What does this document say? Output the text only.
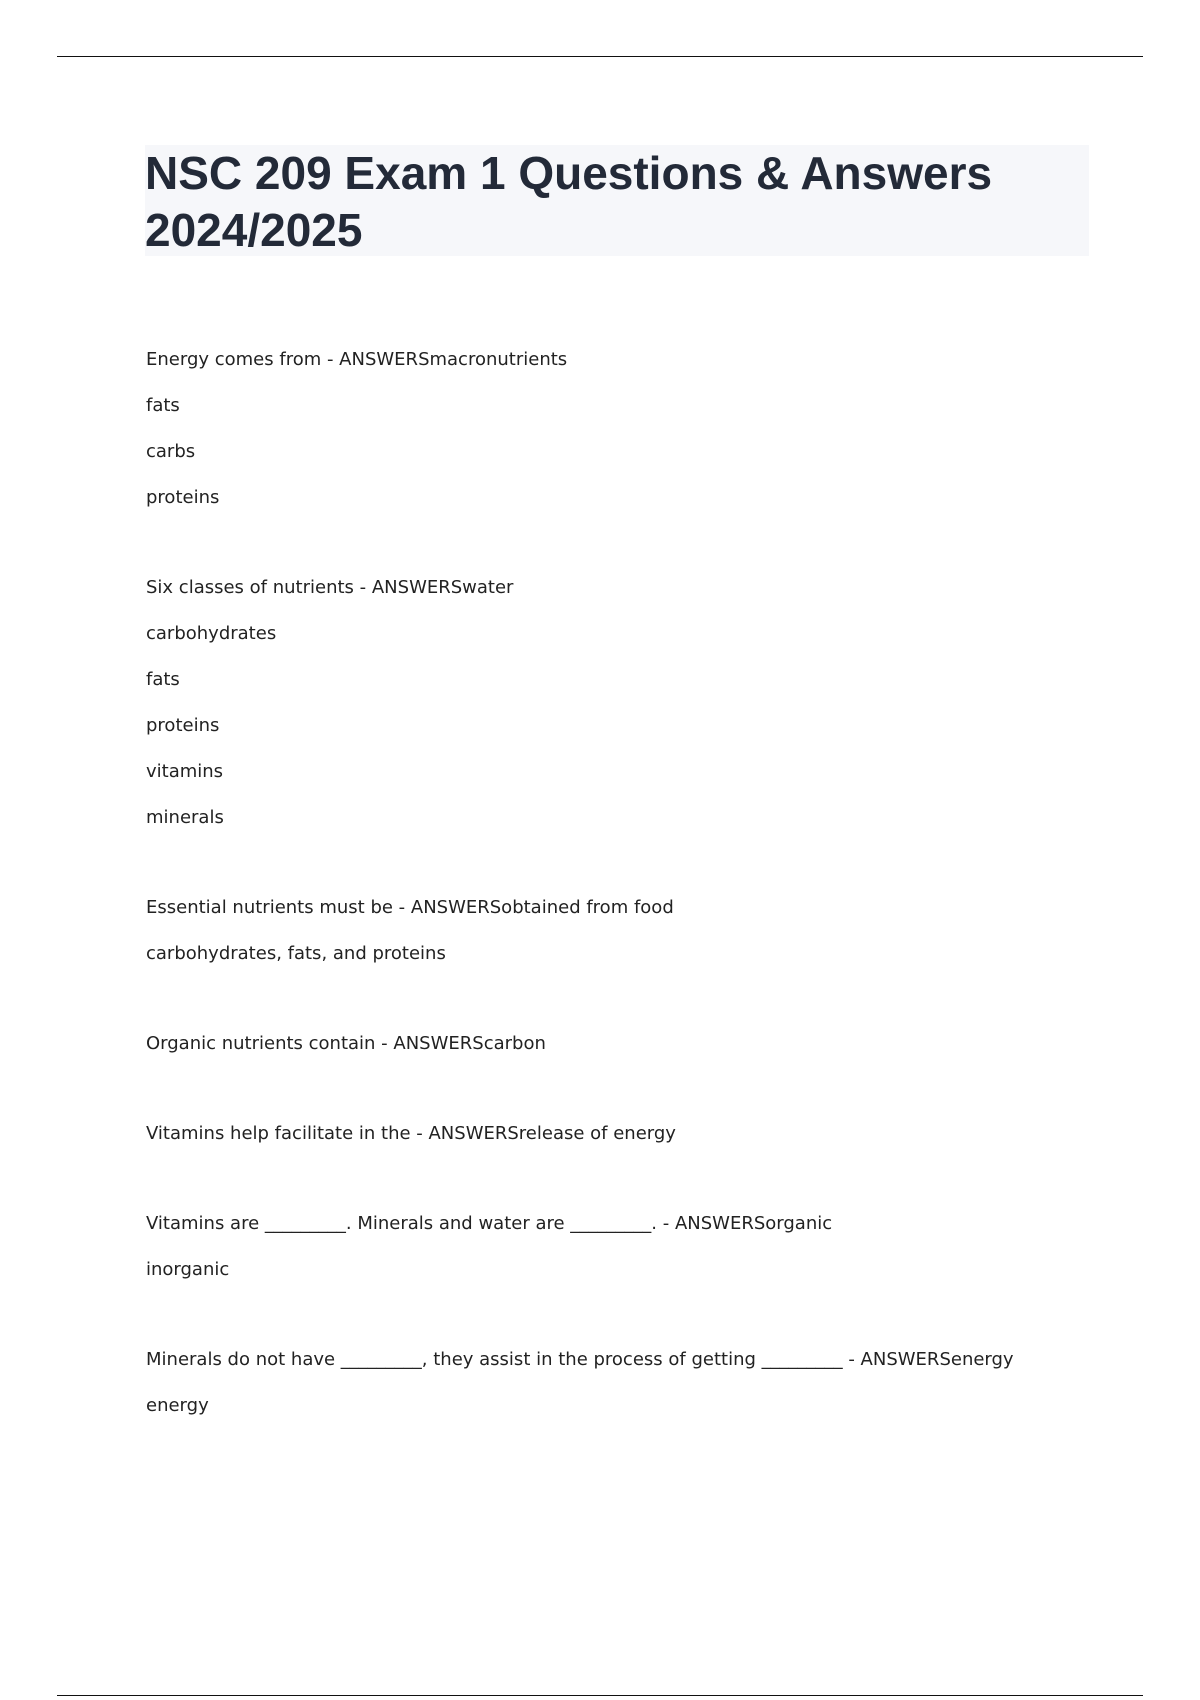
NSC 209 Exam 1 Questions & Answers
2024/2025
Energy comes from - ANSWERSmacronutrients
fats
carbs
proteins
Six classes of nutrients - ANSWERSwater
carbohydrates
fats
proteins
vitamins
minerals
Essential nutrients must be - ANSWERSobtained from food
carbohydrates, fats, and proteins
Organic nutrients contain - ANSWERScarbon
Vitamins help facilitate in the - ANSWERSrelease of energy
Vitamins are _________. Minerals and water are _________. - ANSWERSorganic
inorganic
Minerals do not have _________, they assist in the process of getting _________ - ANSWERSenergy
energy
